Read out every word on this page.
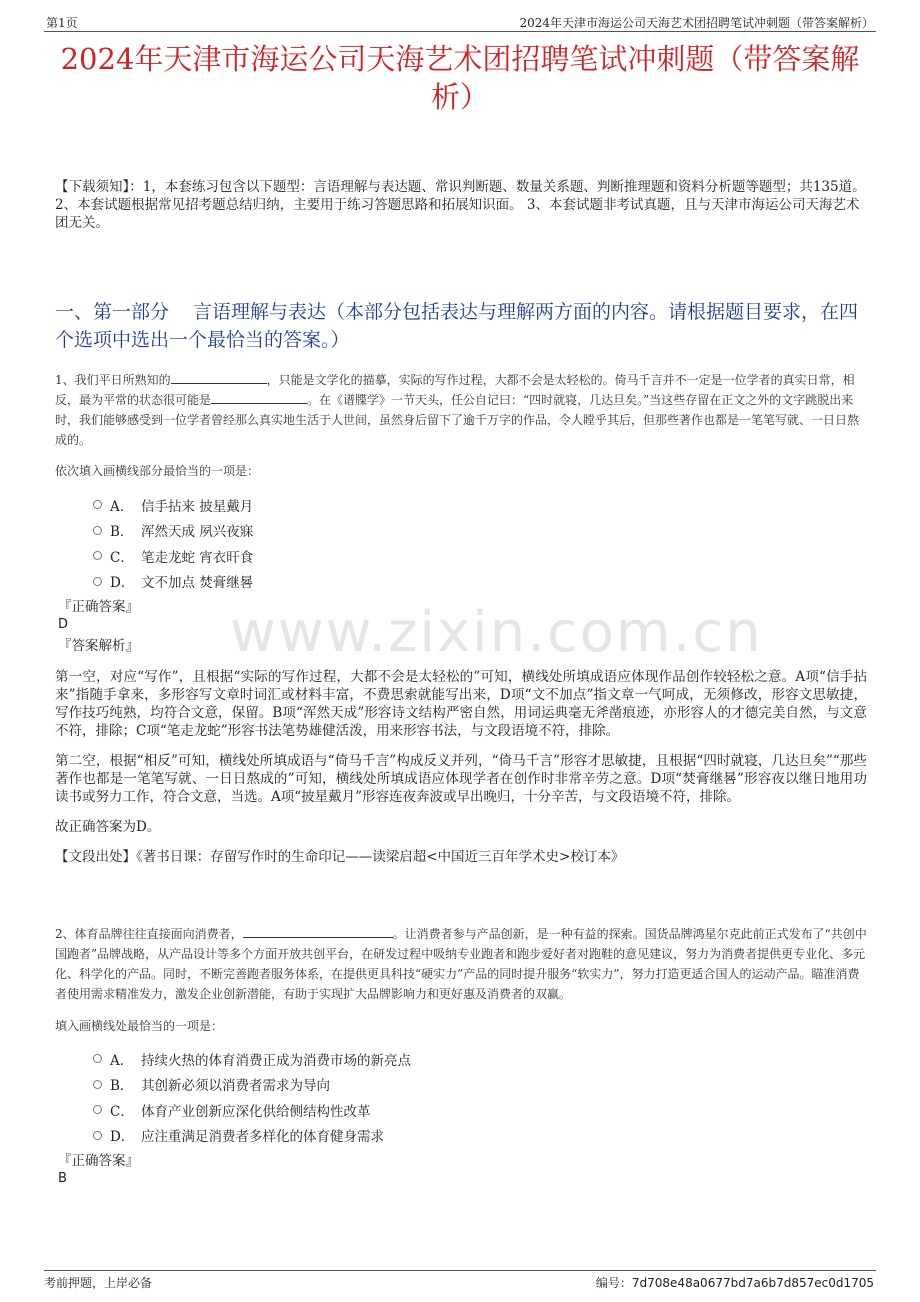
第1页	2024年天津市海运公司天海艺术团招聘笔试冲刺题（带答案解析）
2024年天津市海运公司天海艺术团招聘笔试冲刺题（带答案解析）
【下载须知】：1，本套练习包含以下题型：言语理解与表达题、常识判断题、数量关系题、判断推理题和资料分析题等题型；共135道。 2、本套试题根据常见招考题总结归纳，主要用于练习答题思路和拓展知识面。 3、本套试题非考试真题，且与天津市海运公司天海艺术团无关。
一、第一部分 言语理解与表达（本部分包括表达与理解两方面的内容。请根据题目要求，在四个选项中选出一个最恰当的答案。）
1、我们平日所熟知的	，只能是文学化的描摹，实际的写作过程，大都不会是太轻松的。倚马千言并不一定是一位学者的真实日常，相反，最为平常的状态很可能是	。在《谱牒学》一节天头，任公自记曰：“四时就寝，几达旦矣。”当这些存留在正文之外的文字跳脱出来时，我们能够感受到一位学者曾经那么真实地生活于人世间，虽然身后留下了逾千万字的作品，令人瞠乎其后，但那些著作也都是一笔笔写就、一日日熬成的。
依次填入画横线部分最恰当的一项是：
A． 信手拈来 披星戴月
B． 浑然天成 夙兴夜寐
C． 笔走龙蛇 宵衣旰食
D． 文不加点 焚膏继晷
『正确答案』
D
『答案解析』 www.zixin.com.cn

第一空，对应“写作”，且根据“实际的写作过程，大都不会是太轻松的”可知，横线处所填成语应体现作品创作较轻松之意。A项“信手拈来”指随手拿来，多形容写文章时词汇或材料丰富，不费思索就能写出来，D项“文不加点”指文章一气呵成，无须修改，形容文思敏捷，写作技巧纯熟，均符合文意，保留。B项“浑然天成”形容诗文结构严密自然，用词运典毫无斧凿痕迹，亦形容人的才德完美自然，与文意不符，排除；C项“笔走龙蛇”形容书法笔势雄健活泼，用来形容书法，与文段语境不符，排除。

第二空，根据“相反”可知，横线处所填成语与“倚马千言”构成反义并列，“倚马千言”形容才思敏捷，且根据“四时就寝，几达旦矣”“那些著作也都是一笔笔写就、一日日熬成的”可知，横线处所填成语应体现学者在创作时非常辛劳之意。D项“焚膏继晷”形容夜以继日地用功读书或努力工作，符合文意，当选。A项“披星戴月”形容连夜奔波或早出晚归，十分辛苦，与文段语境不符，排除。

故正确答案为D。

【文段出处】《著书日课：存留写作时的生命印记——读梁启超<中国近三百年学术史>校订本》

2、体育品牌往往直接面向消费者，	。让消费者参与产品创新，是一种有益的探索。国货品牌鸿星尔克此前正式发布了“共创中国跑者”品牌战略，从产品设计等多个方面开放共创平台，在研发过程中吸纳专业跑者和跑步爱好者对跑鞋的意见建议，努力为消费者提供更专业化、多元化、科学化的产品。同时，不断完善跑者服务体系，在提供更具科技“硬实力”产品的同时提升服务“软实力”，努力打造更适合国人的运动产品。瞄准消费者使用需求精准发力，激发企业创新潜能，有助于实现扩大品牌影响力和更好惠及消费者的双赢。
填入画横线处最恰当的一项是：
A． 持续火热的体育消费正成为消费市场的新亮点
B． 其创新必须以消费者需求为导向
C． 体育产业创新应深化供给侧结构性改革
D． 应注重满足消费者多样化的体育健身需求
『正确答案』
B
考前押题，上岸必备	编号：7d708e48a0677bd7a6b7d857ec0d1705
